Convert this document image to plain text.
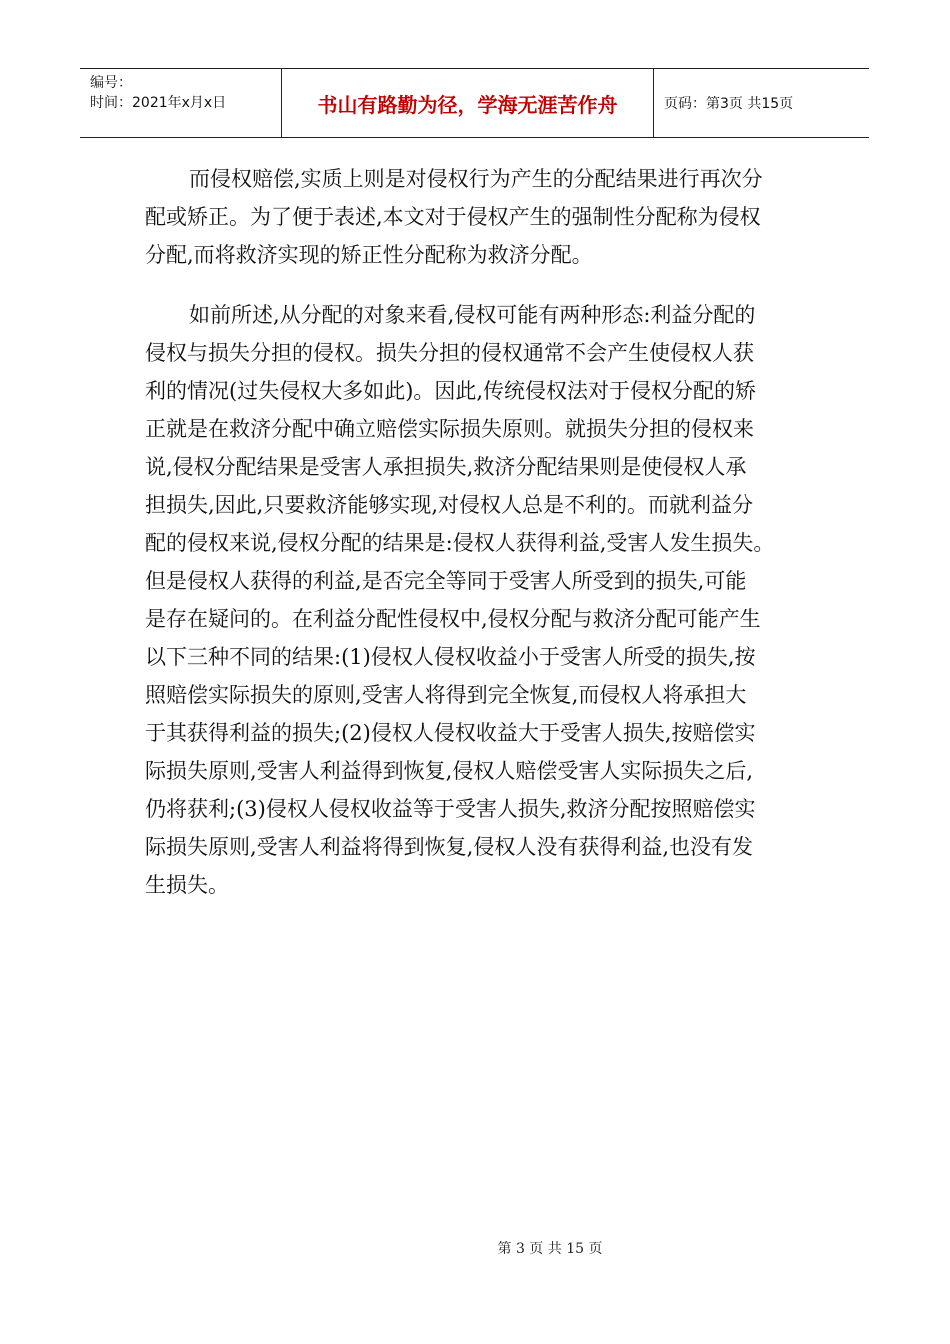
编号：
时间：2021年x月x日	书山有路勤为径，学海无涯苦作舟	页码：第3页 共15页
而侵权赔偿,实质上则是对侵权行为产生的分配结果进行再次分
配或矫正。为了便于表述,本文对于侵权产生的强制性分配称为侵权
分配,而将救济实现的矫正性分配称为救济分配。
如前所述,从分配的对象来看,侵权可能有两种形态:利益分配的
侵权与损失分担的侵权。损失分担的侵权通常不会产生使侵权人获
利的情况(过失侵权大多如此)。因此,传统侵权法对于侵权分配的矫
正就是在救济分配中确立赔偿实际损失原则。就损失分担的侵权来
说,侵权分配结果是受害人承担损失,救济分配结果则是使侵权人承
担损失,因此,只要救济能够实现,对侵权人总是不利的。而就利益分
配的侵权来说,侵权分配的结果是:侵权人获得利益,受害人发生损失。
但是侵权人获得的利益,是否完全等同于受害人所受到的损失,可能
是存在疑问的。在利益分配性侵权中,侵权分配与救济分配可能产生
以下三种不同的结果:(1)侵权人侵权收益小于受害人所受的损失,按
照赔偿实际损失的原则,受害人将得到完全恢复,而侵权人将承担大
于其获得利益的损失;(2)侵权人侵权收益大于受害人损失,按赔偿实
际损失原则,受害人利益得到恢复,侵权人赔偿受害人实际损失之后,
仍将获利;(3)侵权人侵权收益等于受害人损失,救济分配按照赔偿实
际损失原则,受害人利益将得到恢复,侵权人没有获得利益,也没有发
生损失。
第 3 页 共 15 页
